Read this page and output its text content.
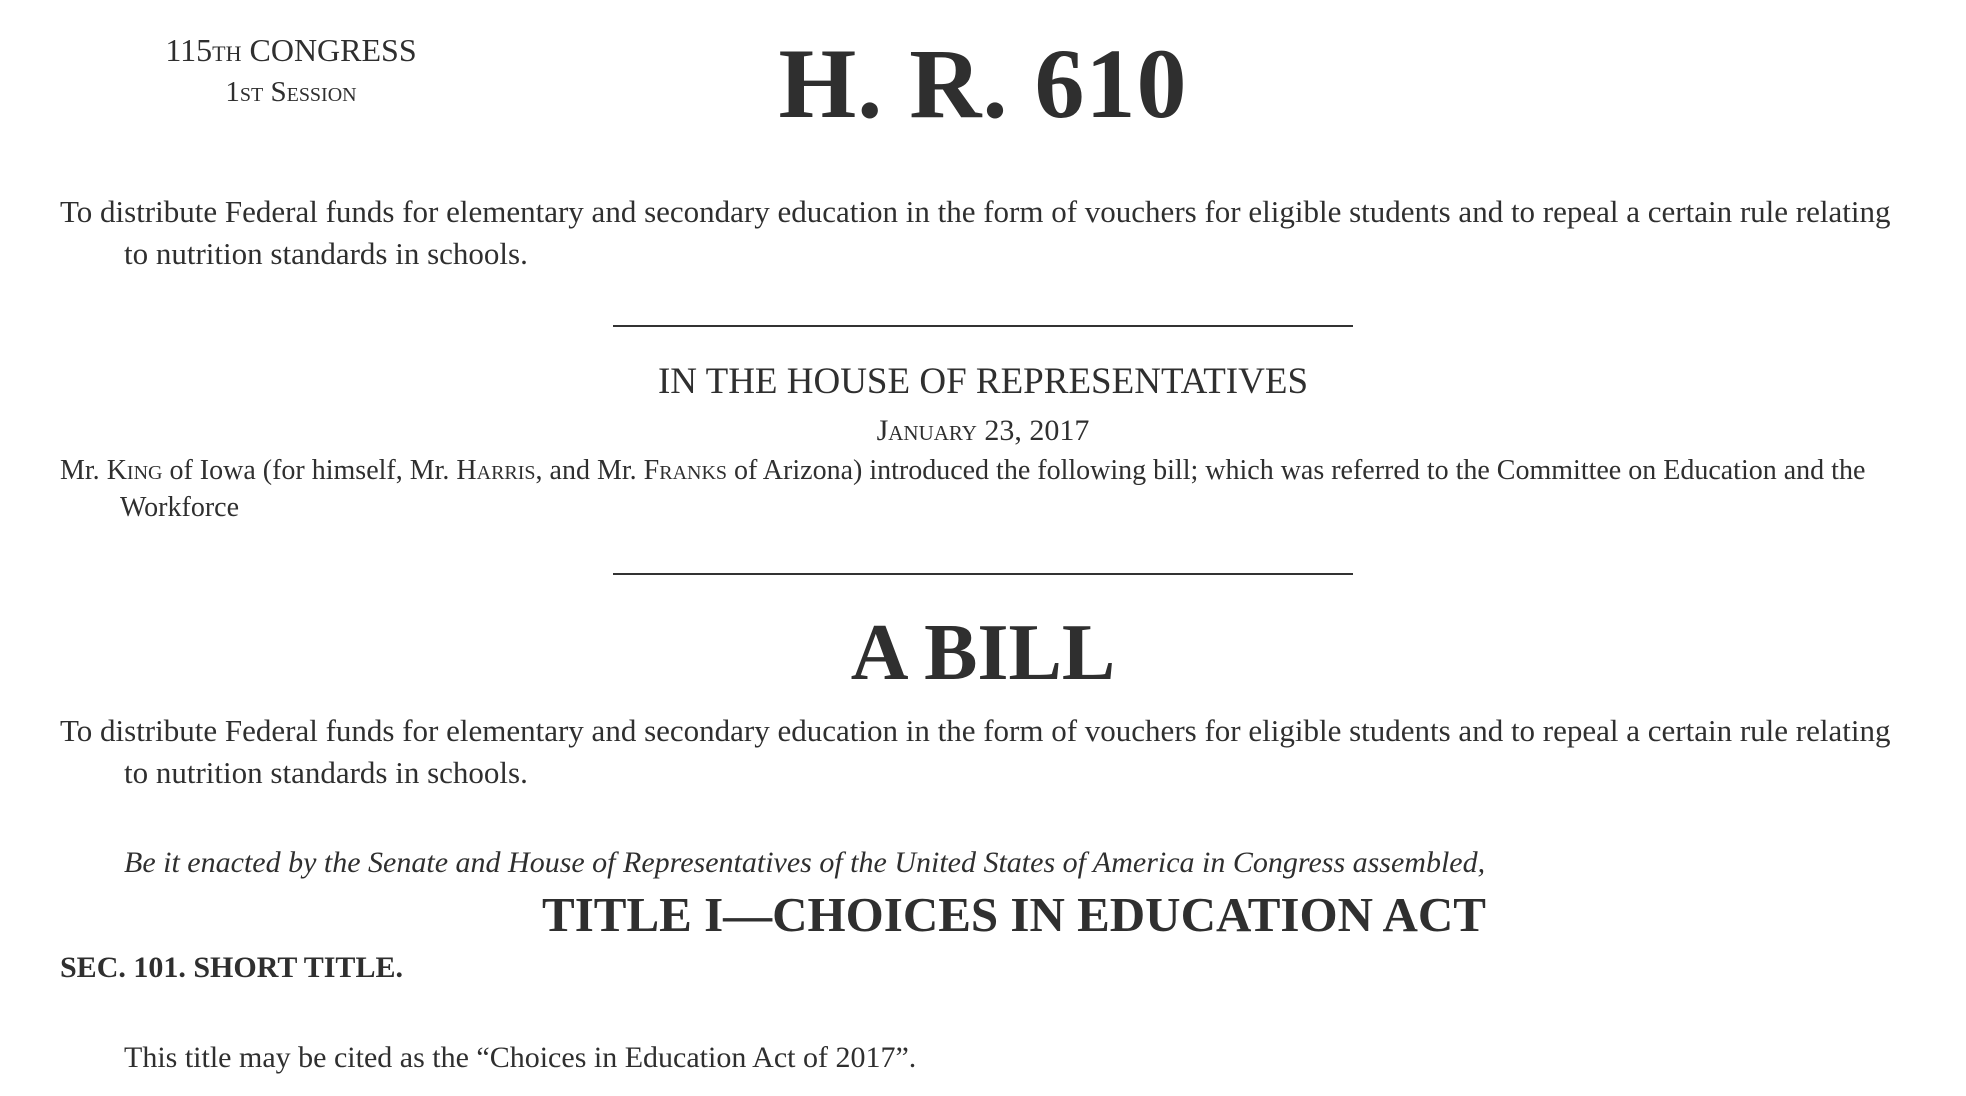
115th CONGRESS
1st Session	H. R. 610
To distribute Federal funds for elementary and secondary education in the form of vouchers for eligible students and to repeal a certain rule relating to nutrition standards in schools.
IN THE HOUSE OF REPRESENTATIVES
January 23, 2017
Mr. King of Iowa (for himself, Mr. Harris, and Mr. Franks of Arizona) introduced the following bill; which was referred to the Committee on Education and the Workforce
A BILL
To distribute Federal funds for elementary and secondary education in the form of vouchers for eligible students and to repeal a certain rule relating to nutrition standards in schools.
Be it enacted by the Senate and House of Representatives of the United States of America in Congress assembled,
TITLE I—CHOICES IN EDUCATION ACT
SEC. 101. SHORT TITLE.
This title may be cited as the “Choices in Education Act of 2017”.
